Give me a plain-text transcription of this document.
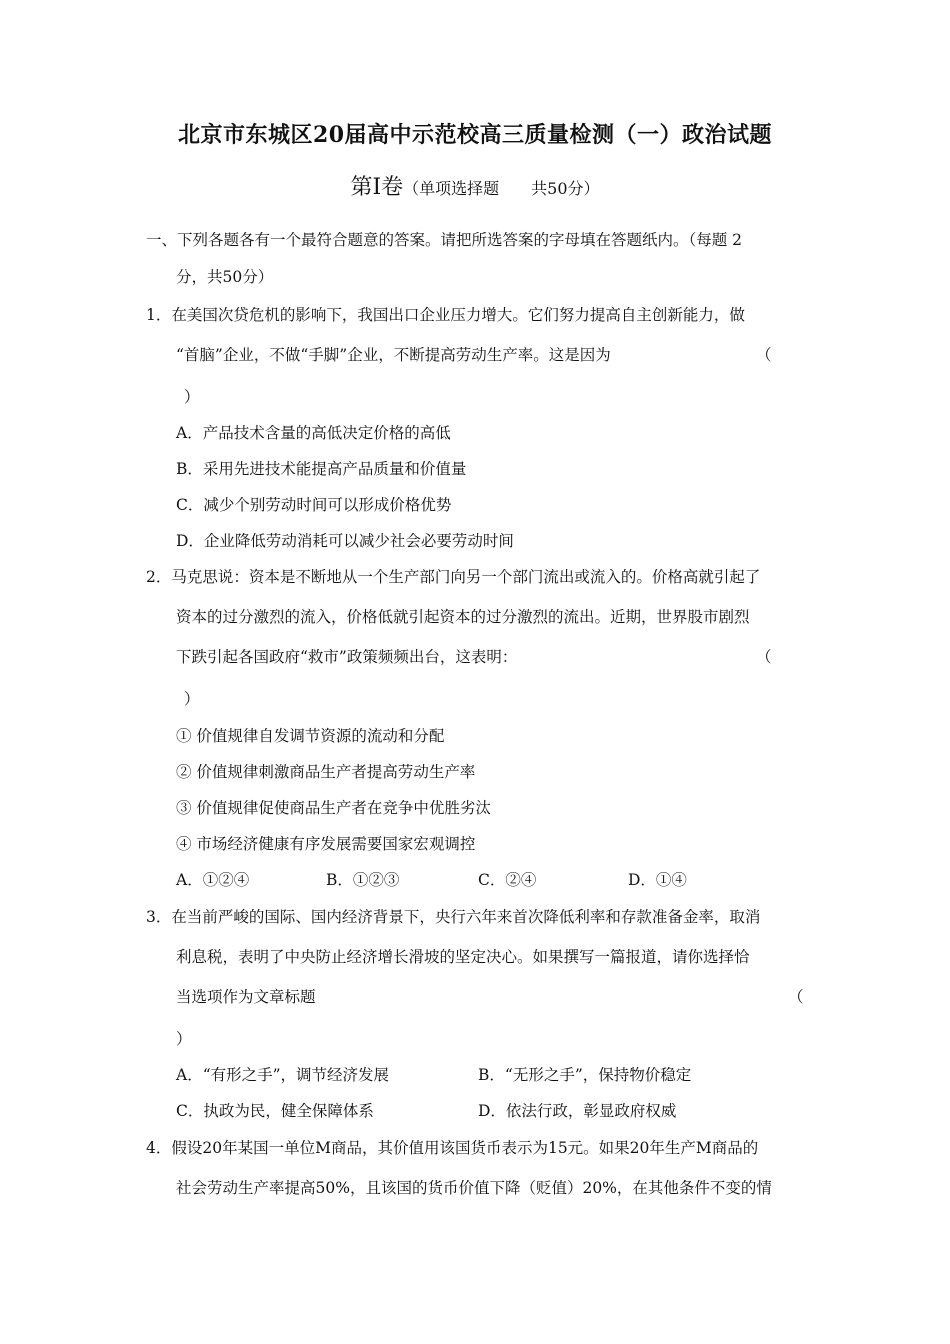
北京市东城区20届高中示范校高三质量检测（一）政治试题
第Ⅰ卷（单项选择题　　共50分）
一、下列各题各有一个最符合题意的答案。请把所选答案的字母填在答题纸内。（每题 2
分，共50分）
1．在美国次贷危机的影响下，我国出口企业压力增大。它们努力提高自主创新能力，做
“首脑”企业，不做“手脚”企业，不断提高劳动生产率。这是因为	（
）
A．产品技术含量的高低决定价格的高低
B．采用先进技术能提高产品质量和价值量
C．减少个别劳动时间可以形成价格优势
D．企业降低劳动消耗可以减少社会必要劳动时间
2．马克思说：资本是不断地从一个生产部门向另一个部门流出或流入的。价格高就引起了
资本的过分激烈的流入，价格低就引起资本的过分激烈的流出。近期，世界股市剧烈
下跌引起各国政府“救市”政策频频出台，这表明：	（
）
① 价值规律自发调节资源的流动和分配
② 价值规律刺激商品生产者提高劳动生产率
③ 价值规律促使商品生产者在竞争中优胜劣汰
④ 市场经济健康有序发展需要国家宏观调控
A．①②④	B．①②③	C．②④	D．①④
3．在当前严峻的国际、国内经济背景下，央行六年来首次降低利率和存款准备金率，取消
利息税，表明了中央防止经济增长滑坡的坚定决心。如果撰写一篇报道，请你选择恰
当选项作为文章标题	（
）
A．“有形之手”，调节经济发展	B．“无形之手”，保持物价稳定
C．执政为民，健全保障体系	D．依法行政，彰显政府权威
4．假设20年某国一单位M商品，其价值用该国货币表示为15元。如果20年生产M商品的
社会劳动生产率提高50%，且该国的货币价值下降（贬值）20%，在其他条件不变的情
